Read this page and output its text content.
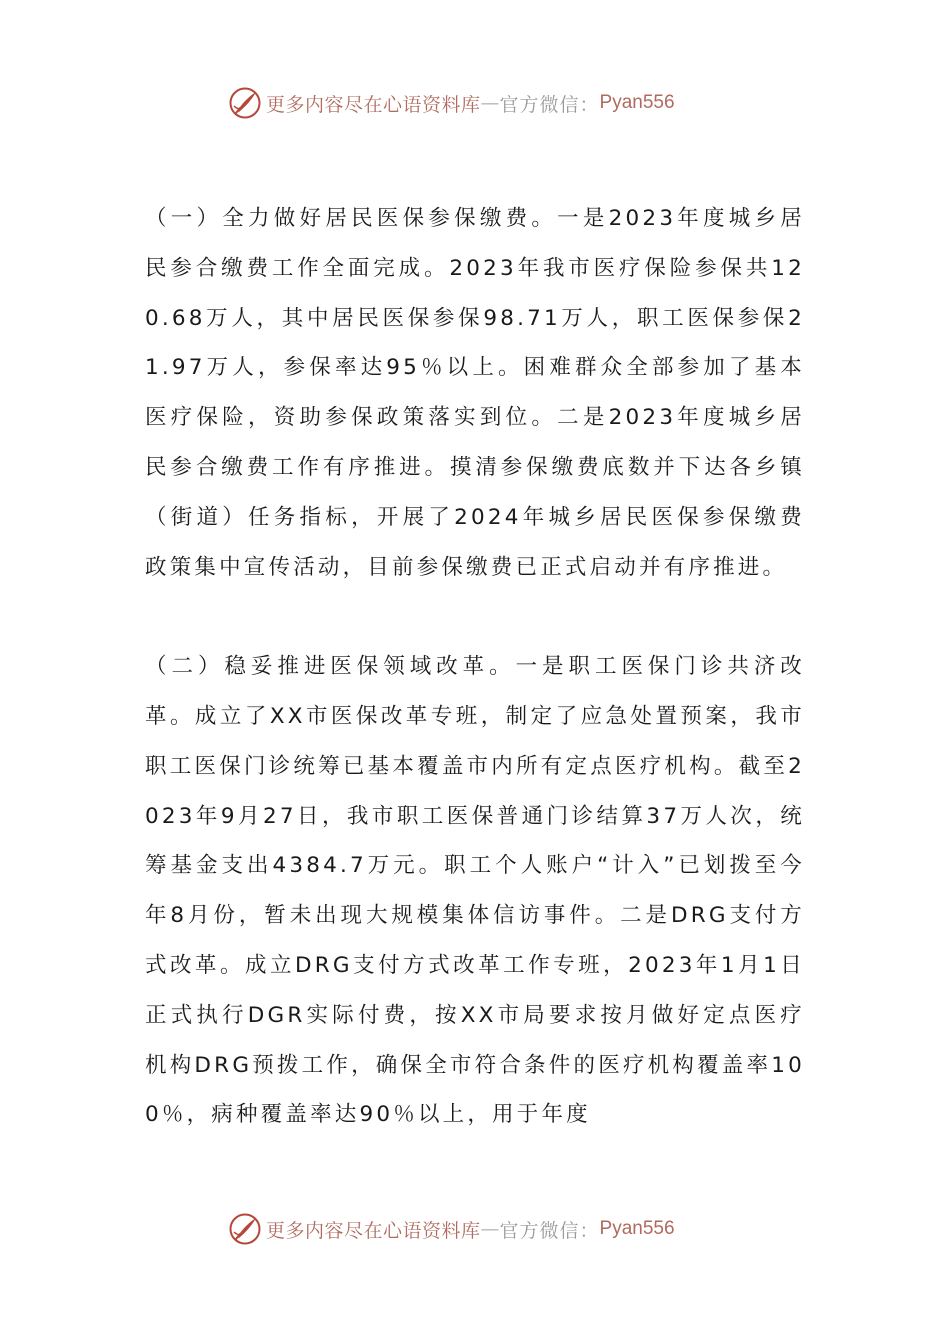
更多内容尽在心语资料库 — 官方微信： Pyan556

（一）全力做好居民医保参保缴费。一是2023年度城乡居民参合缴费工作全面完成。2023年我市医疗保险参保共120.68万人，其中居民医保参保98.71万人，职工医保参保21.97万人，参保率达95％以上。困难群众全部参加了基本医疗保险，资助参保政策落实到位。二是2023年度城乡居民参合缴费工作有序推进。摸清参保缴费底数并下达各乡镇（街道）任务指标，开展了2024年城乡居民医保参保缴费政策集中宣传活动，目前参保缴费已正式启动并有序推进。

（二）稳妥推进医保领域改革。一是职工医保门诊共济改革。成立了XX市医保改革专班，制定了应急处置预案，我市职工医保门诊统筹已基本覆盖市内所有定点医疗机构。截至2023年9月27日，我市职工医保普通门诊结算37万人次，统筹基金支出4384.7万元。职工个人账户“计入”已划拨至今年8月份，暂未出现大规模集体信访事件。二是DRG支付方式改革。成立DRG支付方式改革工作专班，2023年1月1日正式执行DGR实际付费，按XX市局要求按月做好定点医疗机构DRG预拨工作，确保全市符合条件的医疗机构覆盖率100％，病种覆盖率达90％以上，用于年度

更多内容尽在心语资料库 — 官方微信： Pyan556
